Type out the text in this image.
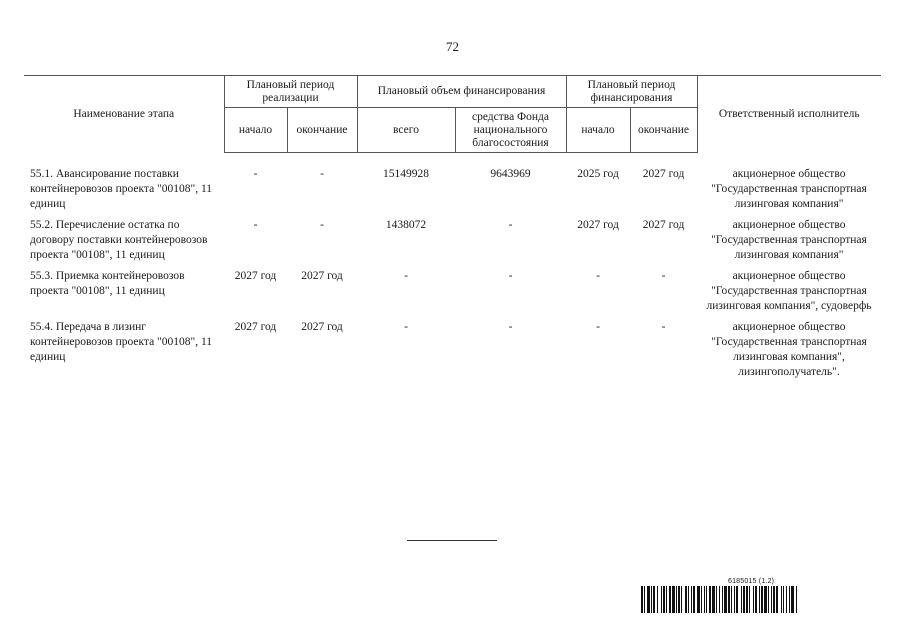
72
Наименование этапа	Плановый период реализации		Плановый объем финансирования		Плановый период финансирования		Ответственный исполнитель
	начало	окончание	всего	средства Фонда национального благосостояния	начало	окончание	
55.1. Авансирование поставки контейнеровозов проекта "00108", 11 единиц	-	-	15149928	9643969	2025 год	2027 год	акционерное общество "Государственная транспортная лизинговая компания"
55.2. Перечисление остатка по договору поставки контейнеровозов проекта "00108", 11 единиц	-	-	1438072	-	2027 год	2027 год	акционерное общество "Государственная транспортная лизинговая компания"
55.3. Приемка контейнеровозов проекта "00108", 11 единиц	2027 год	2027 год	-	-	-	-	акционерное общество "Государственная транспортная лизинговая компания", судоверфь
55.4. Передача в лизинг контейнеровозов проекта "00108", 11 единиц	2027 год	2027 год	-	-	-	-	акционерное общество "Государственная транспортная лизинговая компания", лизингополучатель".
6185015 (1.2)
